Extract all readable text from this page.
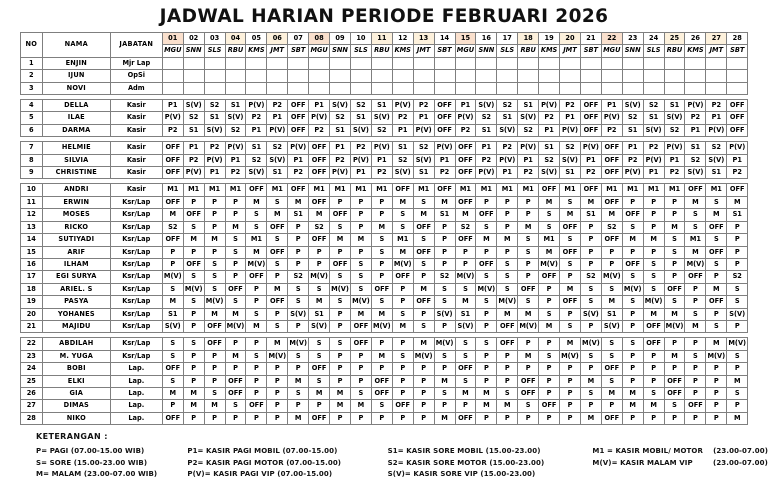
JADWAL HARIAN PERIODE FEBRUARI 2026
NO	NAMA	JABATAN	01	02	03	04	05	06	07	08	09	10	11	12	13	14	15	16	17	18	19	20	21	22	23	24	25	26	27	28
			MGU	SNN	SLS	RBU	KMS	JMT	SBT	MGU	SNN	SLS	RBU	KMS	JMT	SBT	MGU	SNN	SLS	RBU	KMS	JMT	SBT	MGU	SNN	SLS	RBU	KMS	JMT	SBT
1	ENJIN	Mjr Lap																												
2	IJUN	OpSi																												
3	NOVI	Adm																												

4	DELLA	Kasir	P1	S(V)	S2	S1	P(V)	P2	OFF	P1	S(V)	S2	S1	P(V)	P2	OFF	P1	S(V)	S2	S1	P(V)	P2	OFF	P1	S(V)	S2	S1	P(V)	P2	OFF
5	ILAE	Kasir	P(V)	S2	S1	S(V)	P2	P1	OFF	P(V)	S2	S1	S(V)	P2	P1	OFF	P(V)	S2	S1	S(V)	P2	P1	OFF	P(V)	S2	S1	S(V)	P2	P1	OFF
6	DARMA	Kasir	P2	S1	S(V)	S2	P1	P(V)	OFF	P2	S1	S(V)	S2	P1	P(V)	OFF	P2	S1	S(V)	S2	P1	P(V)	OFF	P2	S1	S(V)	S2	P1	P(V)	OFF

7	HELMIE	Kasir	OFF	P1	P2	P(V)	S1	S2	P(V)	OFF	P1	P2	P(V)	S1	S2	P(V)	OFF	P1	P2	P(V)	S1	S2	P(V)	OFF	P1	P2	P(V)	S1	S2	P(V)
8	SILVIA	Kasir	OFF	P2	P(V)	P1	S2	S(V)	P1	OFF	P2	P(V)	P1	S2	S(V)	P1	OFF	P2	P(V)	P1	S2	S(V)	P1	OFF	P2	P(V)	P1	S2	S(V)	P1
9	CHRISTINE	Kasir	OFF	P(V)	P1	P2	S(V)	S1	P2	OFF	P(V)	P1	P2	S(V)	S1	P2	OFF	P(V)	P1	P2	S(V)	S1	P2	OFF	P(V)	P1	P2	S(V)	S1	P2

10	ANDRI	Kasir	M1	M1	M1	M1	OFF	M1	OFF	M1	M1	M1	M1	OFF	M1	OFF	M1	M1	M1	M1	OFF	M1	OFF	M1	M1	M1	M1	OFF	M1	OFF
11	ERWIN	Ksr/Lap	OFF	P	P	P	M	S	M	OFF	P	P	P	M	S	M	OFF	P	P	P	M	S	M	OFF	P	P	P	M	S	M
12	MOSES	Ksr/Lap	M	OFF	P	P	S	M	S1	M	OFF	P	P	S	M	S1	M	OFF	P	P	S	M	S1	M	OFF	P	P	S	M	S1
13	RICKO	Ksr/Lap	S2	S	P	M	S	OFF	P	S2	S	P	M	S	OFF	P	S2	S	P	M	S	OFF	P	S2	S	P	M	S	OFF	P
14	SUTIYADI	Ksr/Lap	OFF	M	M	S	M1	S	P	OFF	M	M	S	M1	S	P	OFF	M	M	S	M1	S	P	OFF	M	M	S	M1	S	P
15	ARIF	Ksr/Lap	P	P	P	S	M	OFF	P	P	P	P	S	M	OFF	P	P	P	P	S	M	OFF	P	P	P	P	S	M	OFF	P
16	ILHAM	Ksr/Lap	P	OFF	S	P	M(V)	S	P	P	OFF	S	P	M(V)	S	P	P	OFF	S	P	M(V)	S	P	P	OFF	S	P	M(V)	S	P
17	EGI SURYA	Ksr/Lap	M(V)	S	S	P	OFF	P	S2	M(V)	S	S	P	OFF	P	S2	M(V)	S	S	P	OFF	P	S2	M(V)	S	S	P	OFF	P	S2
18	ARIEL. S	Ksr/Lap	S	M(V)	S	OFF	P	M	S	S	M(V)	S	OFF	P	M	S	S	M(V)	S	OFF	P	M	S	S	M(V)	S	OFF	P	M	S
19	PASYA	Ksr/Lap	M	S	M(V)	S	P	OFF	S	M	S	M(V)	S	P	OFF	S	M	S	M(V)	S	P	OFF	S	M	S	M(V)	S	P	OFF	S
20	YOHANES	Ksr/Lap	S1	P	M	M	S	P	S(V)	S1	P	M	M	S	P	S(V)	S1	P	M	M	S	P	S(V)	S1	P	M	M	S	P	S(V)
21	MAJIDU	Ksr/Lap	S(V)	P	OFF	M(V)	M	S	P	S(V)	P	OFF	M(V)	M	S	P	S(V)	P	OFF	M(V)	M	S	P	S(V)	P	OFF	M(V)	M	S	P

22	ABDILAH	Ksr/Lap	S	S	OFF	P	P	M	M(V)	S	S	OFF	P	P	M	M(V)	S	S	OFF	P	P	M	M(V)	S	S	OFF	P	P	M	M(V)
23	M. YUGA	Ksr/Lap	S	P	P	M	S	M(V)	S	S	P	P	M	S	M(V)	S	S	P	P	M	S	M(V)	S	S	P	P	M	S	M(V)	S
24	BOBI	Lap.	OFF	P	P	P	P	P	P	OFF	P	P	P	P	P	P	OFF	P	P	P	P	P	P	OFF	P	P	P	P	P	P
25	ELKI	Lap.	S	P	P	OFF	P	P	M	S	P	P	OFF	P	P	M	S	P	P	OFF	P	P	M	S	P	P	OFF	P	P	M
26	GIA	Lap.	M	M	S	OFF	P	P	S	M	M	S	OFF	P	P	S	M	M	S	OFF	P	P	S	M	M	S	OFF	P	P	S
27	DIMAS	Lap.	P	M	M	S	OFF	P	P	P	M	M	S	OFF	P	P	P	M	M	S	OFF	P	P	P	M	M	S	OFF	P	P
28	NIKO	Lap.	OFF	P	P	P	P	P	M	OFF	P	P	P	P	P	M	OFF	P	P	P	P	P	M	OFF	P	P	P	P	P	M
KETERANGAN :
P= PAGI (07.00-15.00 WIB)
S= SORE (15.00-23.00 WIB)
M= MALAM (23.00-07.00 WIB)
P1= KASIR PAGI MOBIL (07.00-15.00)
P2= KASIR PAGI MOTOR (07.00-15.00)
P(V)= KASIR PAGI VIP (07.00-15.00)
S1= KASIR SORE MOBIL (15.00-23.00)
S2= KASIR SORE MOTOR (15.00-23.00)
S(V)= KASIR SORE VIP (15.00-23.00)
M1 = KASIR MOBIL/ MOTOR (23.00-07.00)
M(V)= KASIR MALAM VIP	(23.00-07.00)
